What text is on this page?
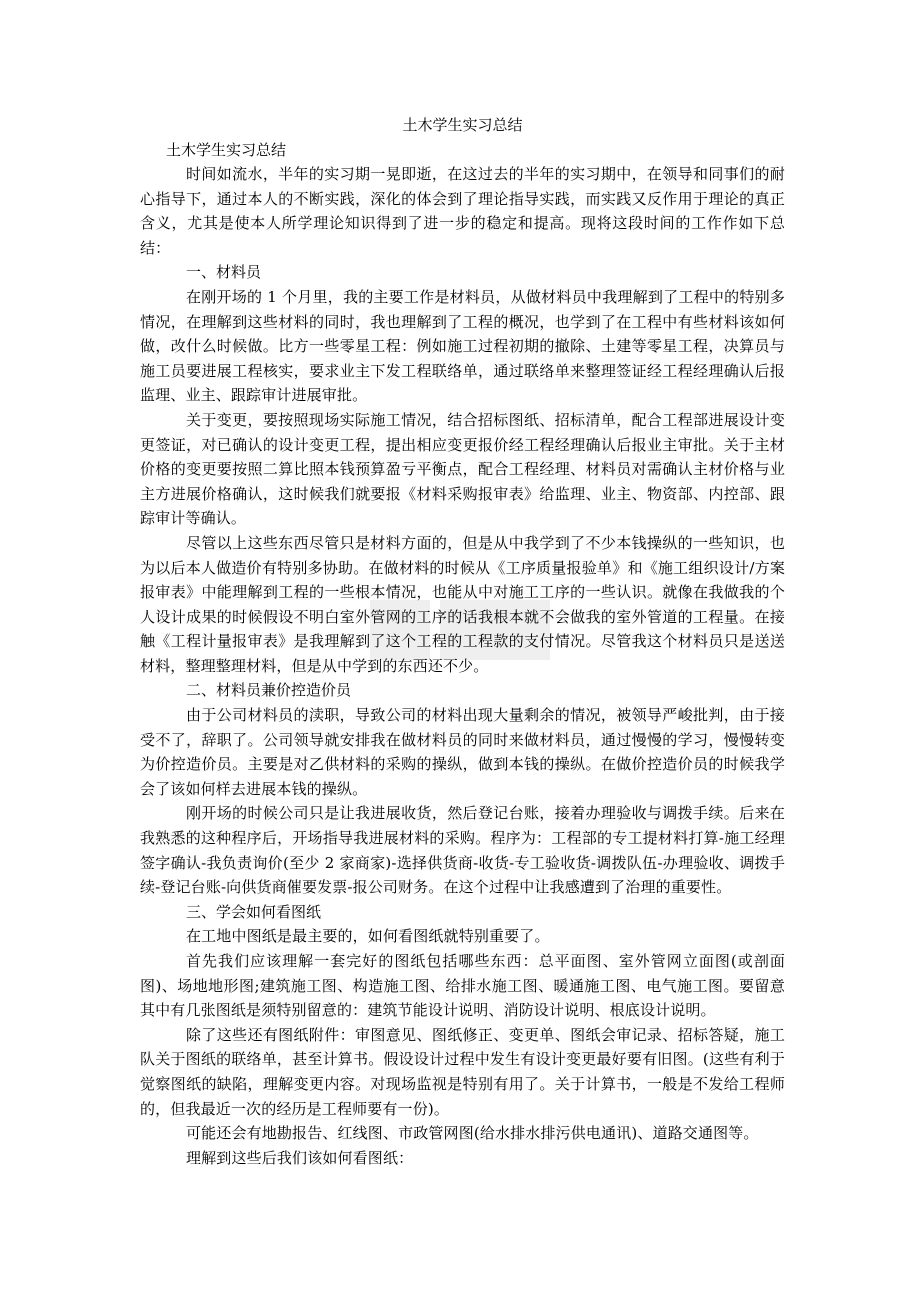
土木学生实习总结
土木学生实习总结

时间如流水，半年的实习期一晃即逝，在这过去的半年的实习期中，在领导和同事们的耐心指导下，通过本人的不断实践，深化的体会到了理论指导实践，而实践又反作用于理论的真正含义，尤其是使本人所学理论知识得到了进一步的稳定和提高。现将这段时间的工作作如下总结：

一、材料员

在刚开场的 1 个月里，我的主要工作是材料员，从做材料员中我理解到了工程中的特别多情况，在理解到这些材料的同时，我也理解到了工程的概况，也学到了在工程中有些材料该如何做，改什么时候做。比方一些零星工程：例如施工过程初期的撤除、土建等零星工程，决算员与施工员要进展工程核实，要求业主下发工程联络单，通过联络单来整理签证经工程经理确认后报监理、业主、跟踪审计进展审批。

关于变更，要按照现场实际施工情况，结合招标图纸、招标清单，配合工程部进展设计变更签证，对已确认的设计变更工程，提出相应变更报价经工程经理确认后报业主审批。关于主材价格的变更要按照二算比照本钱预算盈亏平衡点，配合工程经理、材料员对需确认主材价格与业主方进展价格确认，这时候我们就要报《材料采购报审表》给监理、业主、物资部、内控部、跟踪审计等确认。

尽管以上这些东西尽管只是材料方面的，但是从中我学到了不少本钱操纵的一些知识，也为以后本人做造价有特别多协助。在做材料的时候从《工序质量报验单》和《施工组织设计/方案报审表》中能理解到工程的一些根本情况，也能从中对施工工序的一些认识。就像在我做我的个人设计成果的时候假设不明白室外管网的工序的话我根本就不会做我的室外管道的工程量。在接触《工程计量报审表》是我理解到了这个工程的工程款的支付情况。尽管我这个材料员只是送送材料，整理整理材料，但是从中学到的东西还不少。

二、材料员兼价控造价员

由于公司材料员的渎职，导致公司的材料出现大量剩余的情况，被领导严峻批判，由于接受不了，辞职了。公司领导就安排我在做材料员的同时来做材料员，通过慢慢的学习，慢慢转变为价控造价员。主要是对乙供材料的采购的操纵，做到本钱的操纵。在做价控造价员的时候我学会了该如何样去进展本钱的操纵。

刚开场的时候公司只是让我进展收货，然后登记台账，接着办理验收与调拨手续。后来在我熟悉的这种程序后，开场指导我进展材料的采购。程序为：工程部的专工提材料打算-施工经理签字确认-我负责询价(至少 2 家商家)-选择供货商-收货-专工验收货-调拨队伍-办理验收、调拨手续-登记台账-向供货商催要发票-报公司财务。在这个过程中让我感遭到了治理的重要性。

三、学会如何看图纸

在工地中图纸是最主要的，如何看图纸就特别重要了。

首先我们应该理解一套完好的图纸包括哪些东西：总平面图、室外管网立面图(或剖面图)、场地地形图;建筑施工图、构造施工图、给排水施工图、暖通施工图、电气施工图。要留意其中有几张图纸是须特别留意的：建筑节能设计说明、消防设计说明、根底设计说明。

除了这些还有图纸附件：审图意见、图纸修正、变更单、图纸会审记录、招标答疑，施工队关于图纸的联络单，甚至计算书。假设设计过程中发生有设计变更最好要有旧图。(这些有利于觉察图纸的缺陷，理解变更内容。对现场监视是特别有用了。关于计算书，一般是不发给工程师的，但我最近一次的经历是工程师要有一份)。

可能还会有地勘报告、红线图、市政管网图(给水排水排污供电通讯)、道路交通图等。

理解到这些后我们该如何看图纸：
